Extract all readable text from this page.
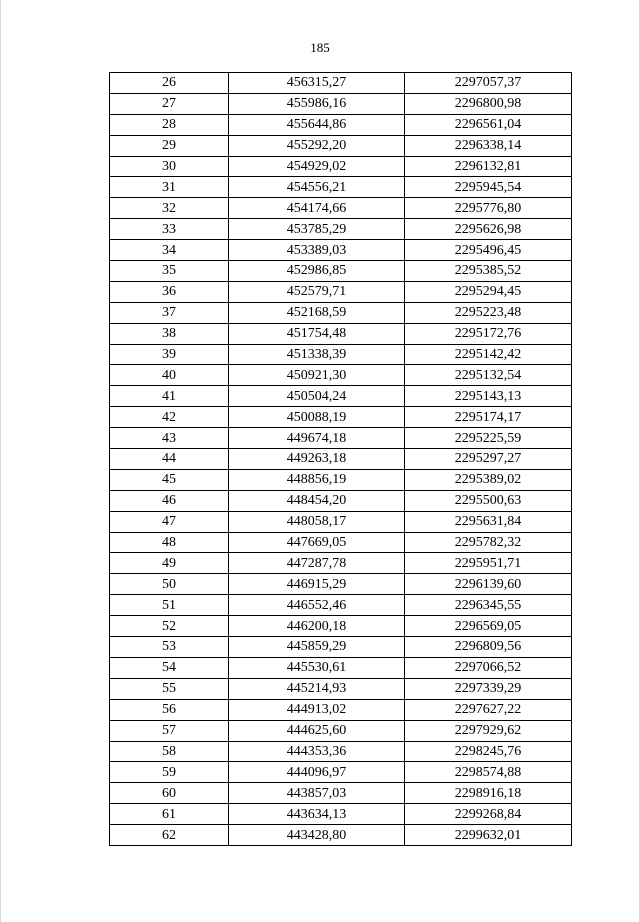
185
26	456315,27	2297057,37
27	455986,16	2296800,98
28	455644,86	2296561,04
29	455292,20	2296338,14
30	454929,02	2296132,81
31	454556,21	2295945,54
32	454174,66	2295776,80
33	453785,29	2295626,98
34	453389,03	2295496,45
35	452986,85	2295385,52
36	452579,71	2295294,45
37	452168,59	2295223,48
38	451754,48	2295172,76
39	451338,39	2295142,42
40	450921,30	2295132,54
41	450504,24	2295143,13
42	450088,19	2295174,17
43	449674,18	2295225,59
44	449263,18	2295297,27
45	448856,19	2295389,02
46	448454,20	2295500,63
47	448058,17	2295631,84
48	447669,05	2295782,32
49	447287,78	2295951,71
50	446915,29	2296139,60
51	446552,46	2296345,55
52	446200,18	2296569,05
53	445859,29	2296809,56
54	445530,61	2297066,52
55	445214,93	2297339,29
56	444913,02	2297627,22
57	444625,60	2297929,62
58	444353,36	2298245,76
59	444096,97	2298574,88
60	443857,03	2298916,18
61	443634,13	2299268,84
62	443428,80	2299632,01
